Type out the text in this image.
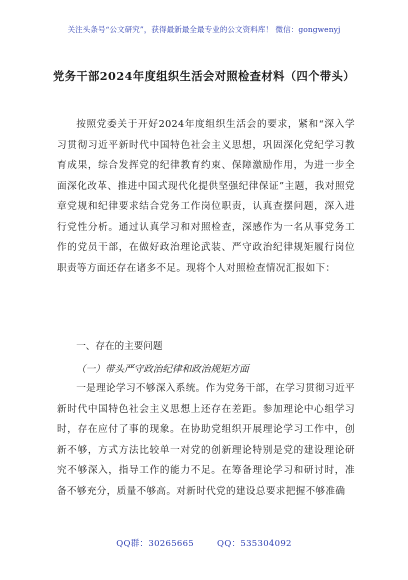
关注头条号“公文研究”，获得最新最全最专业的公文资料库！ 微信：gongwenyj
党务干部2024年度组织生活会对照检查材料（四个带头）

按照党委关于开好2024年度组织生活会的要求，紧和“深入学习贯彻习近平新时代中国特色社会主义思想，巩固深化党纪学习教育成果，综合发挥党的纪律教育约束、保障激励作用，为进一步全面深化改革、推进中国式现代化提供坚强纪律保证”主题，我对照党章党规和纪律要求结合党务工作岗位职责，认真查摆问题，深入进行党性分析。通过认真学习和对照检查，深感作为一名从事党务工作的党员干部，在做好政治理论武装、严守政治纪律规矩履行岗位职责等方面还存在诸多不足。现将个人对照检查情况汇报如下：

一、存在的主要问题
（一）带头严守政治纪律和政治规矩方面

一是理论学习不够深入系统。作为党务干部，在学习贯彻习近平新时代中国特色社会主义思想上还存在差距。参加理论中心组学习时，存在应付了事的现象。在协助党组织开展理论学习工作中，创新不够，方式方法比较单一对党的创新理论特别是党的建设理论研究不够深入，指导工作的能力不足。在筹备理论学习和研讨时，准备不够充分，质量不够高。对新时代党的建设总要求把握不够准确

QQ群：30265665	QQ：535304092
